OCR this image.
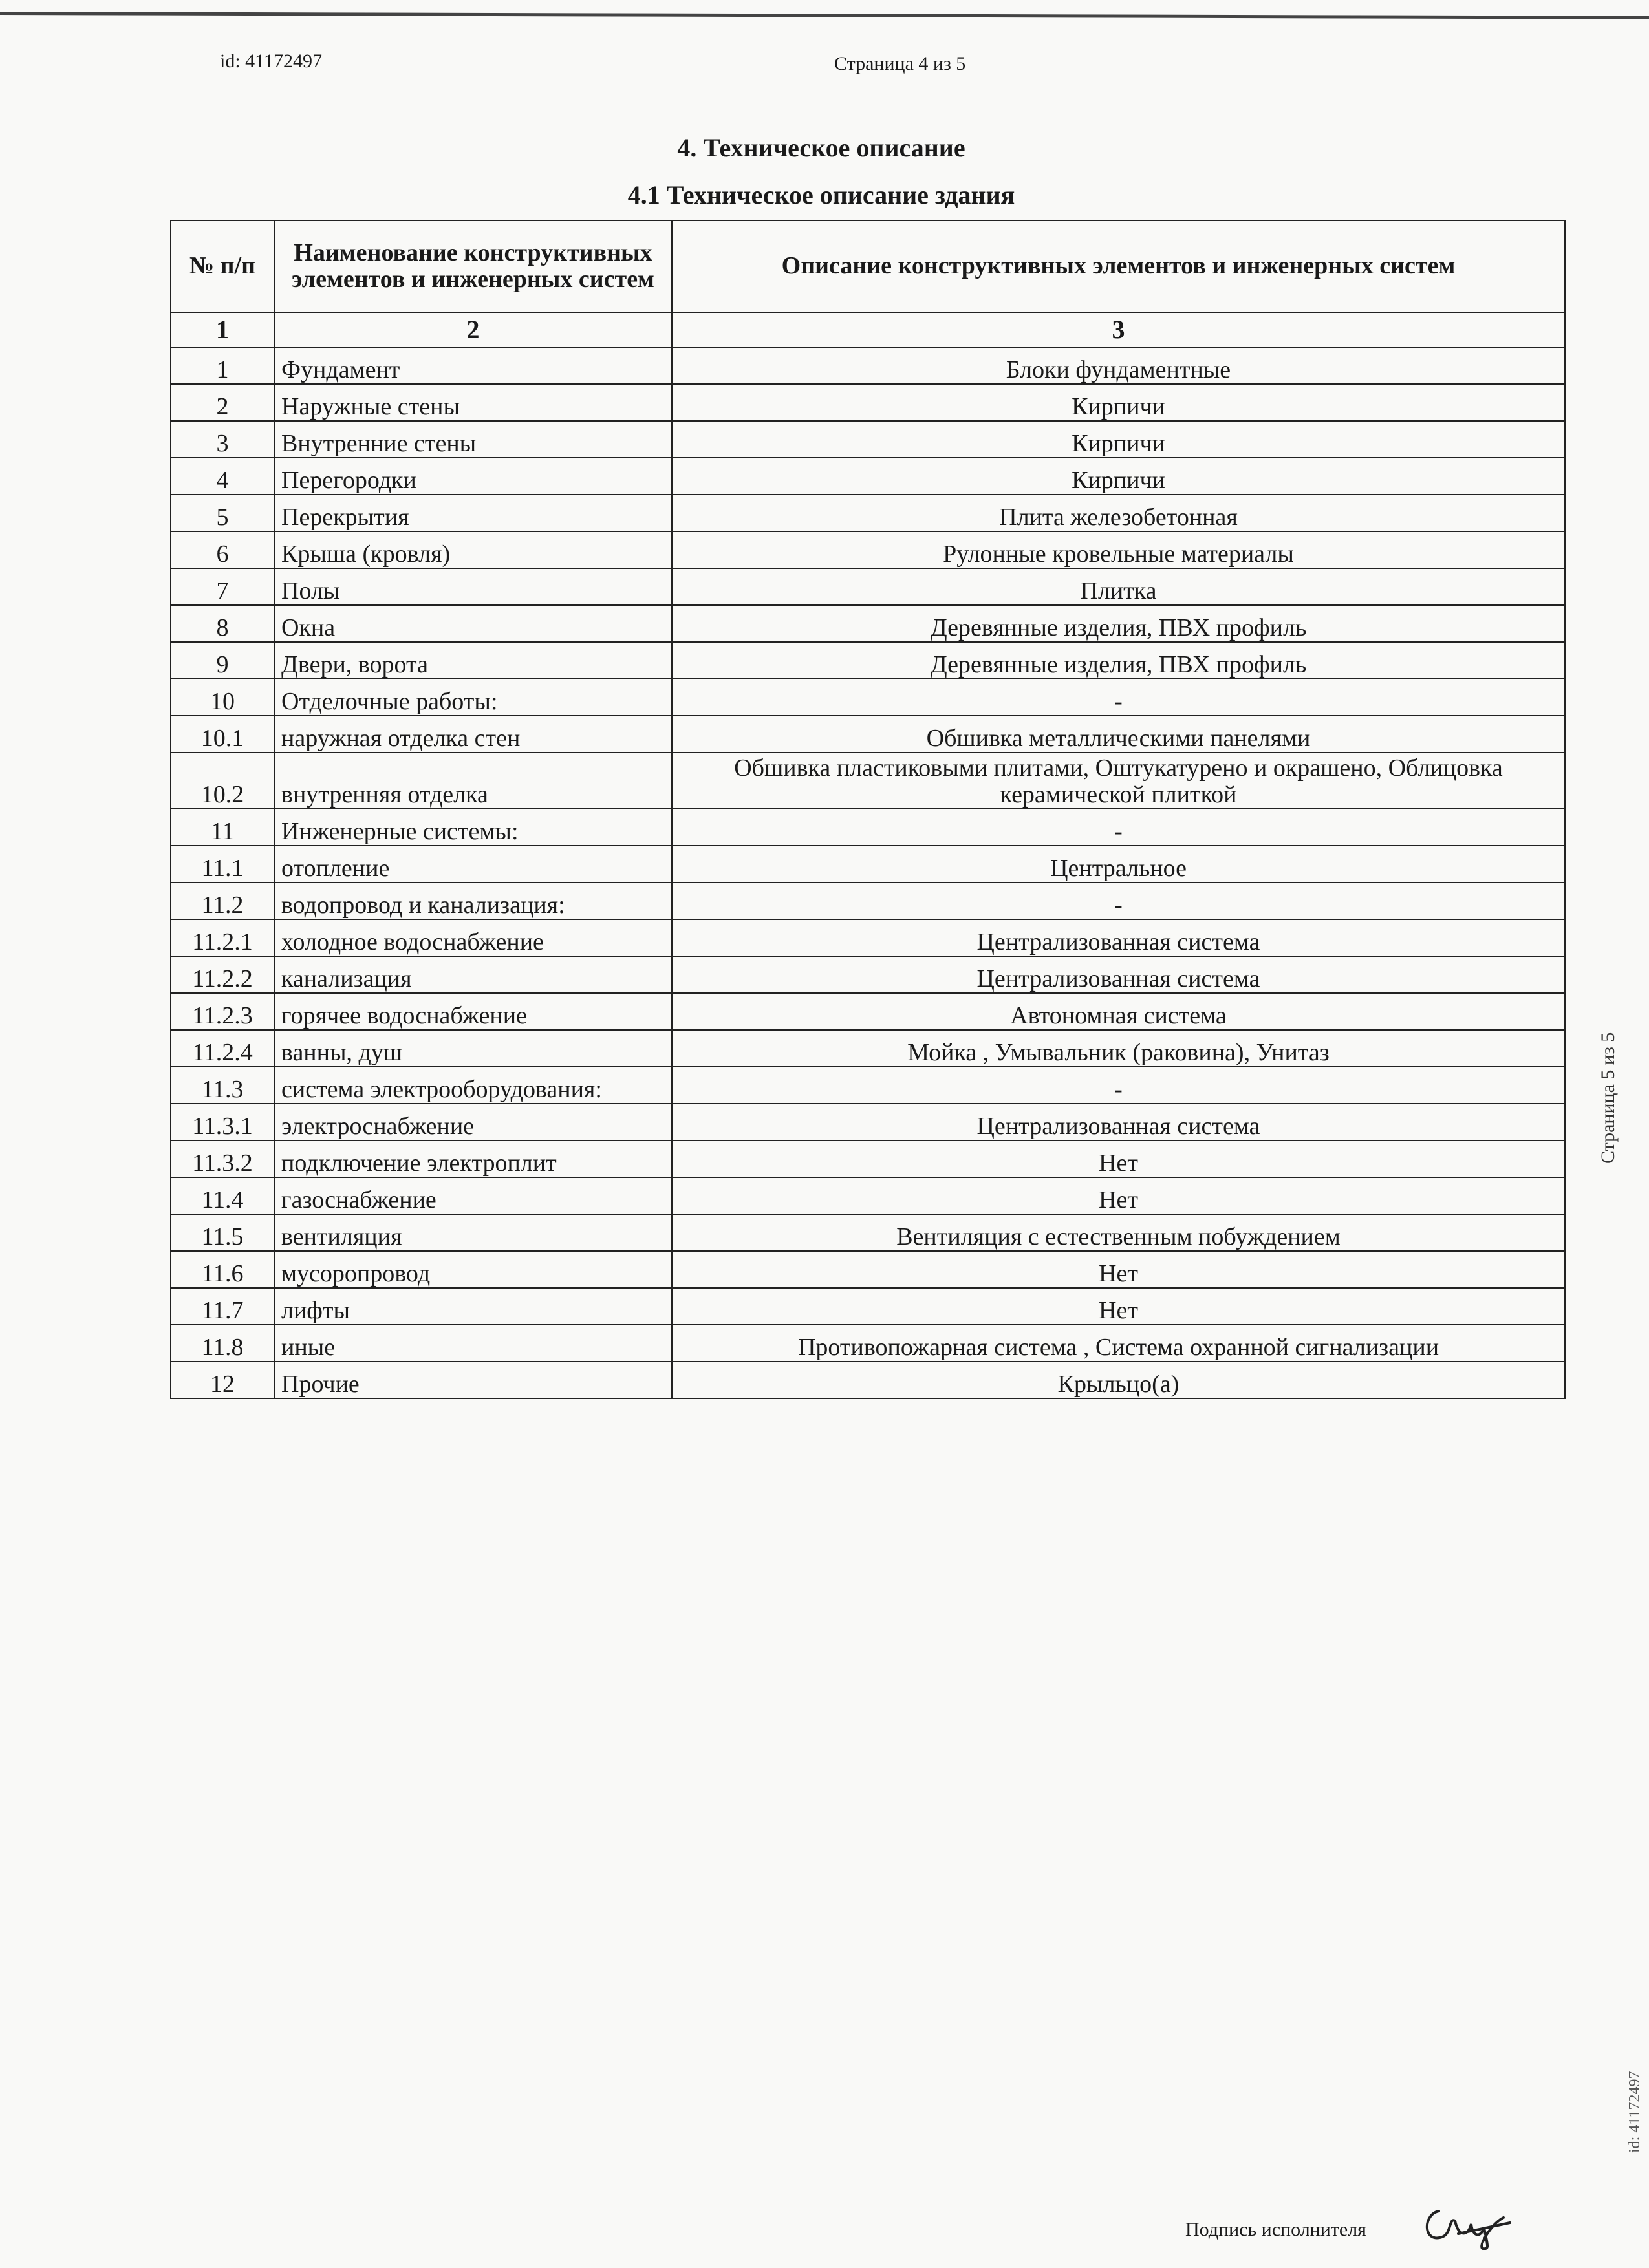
id: 41172497	Страница 4 из 5
4. Техническое описание
4.1 Техническое описание здания
№ п/п	Наименование конструктивных элементов и инженерных систем	Описание конструктивных элементов и инженерных систем
1	2	3
1	Фундамент	Блоки фундаментные
2	Наружные стены	Кирпичи
3	Внутренние стены	Кирпичи
4	Перегородки	Кирпичи
5	Перекрытия	Плита железобетонная
6	Крыша (кровля)	Рулонные кровельные материалы
7	Полы	Плитка
8	Окна	Деревянные изделия, ПВХ профиль
9	Двери, ворота	Деревянные изделия, ПВХ профиль
10	Отделочные работы:	-
10.1	наружная отделка стен	Обшивка металлическими панелями
10.2	внутренняя отделка	Обшивка пластиковыми плитами, Оштукатурено и окрашено, Облицовка керамической плиткой
11	Инженерные системы:	-
11.1	отопление	Центральное
11.2	водопровод и канализация:	-
11.2.1	холодное водоснабжение	Централизованная система
11.2.2	канализация	Централизованная система
11.2.3	горячее водоснабжение	Автономная система
11.2.4	ванны, душ	Мойка , Умывальник (раковина), Унитаз
11.3	система электрооборудования:	-
11.3.1	электроснабжение	Централизованная система
11.3.2	подключение электроплит	Нет
11.4	газоснабжение	Нет
11.5	вентиляция	Вентиляция с естественным побуждением
11.6	мусоропровод	Нет
11.7	лифты	Нет
11.8	иные	Противопожарная система , Система охранной сигнализации
12	Прочие	Крыльцо(а)
Страница 5 из 5
id: 41172497
Подпись исполнителя
